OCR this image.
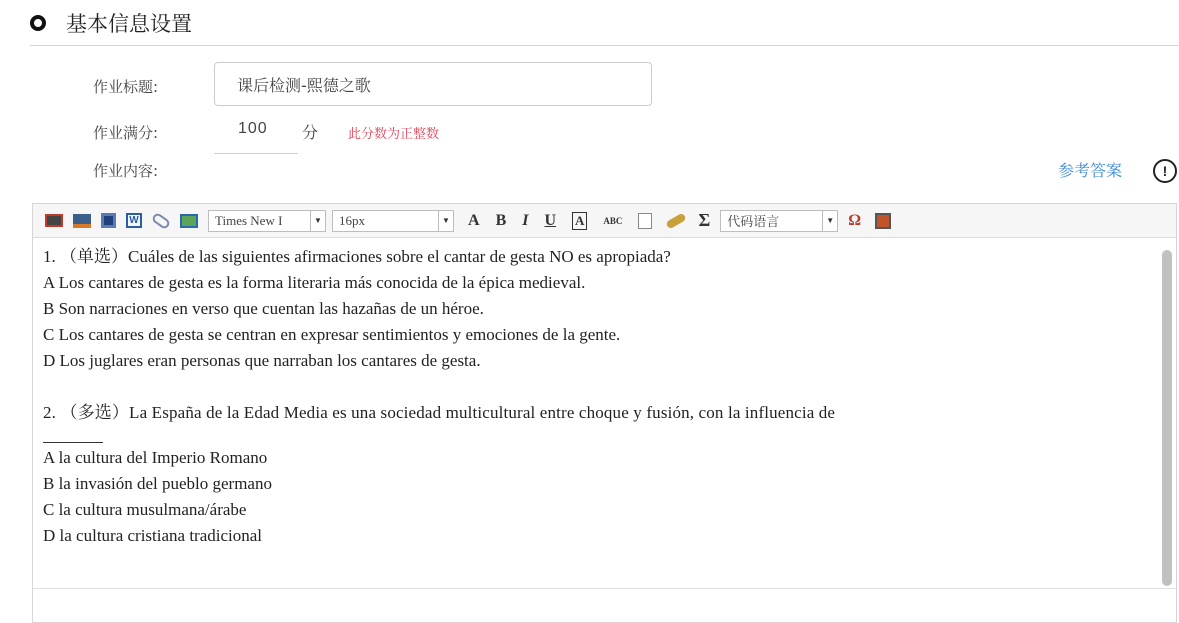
基本信息设置
作业标题:
课后检测-熙德之歌
作业满分:	100 分 此分数为正整数
作业内容:	参考答案	!
W	Times New I	▼	16px	▼ A B I U A	ABC	Σ	代码语言	▼ Ω

1. （单选）Cuáles de las siguientes afirmaciones sobre el cantar de gesta NO es apropiada?

A Los cantares de gesta es la forma literaria más conocida de la épica medieval.

B Son narraciones en verso que cuentan las hazañas de un héroe.

C Los cantares de gesta se centran en expresar sentimientos y emociones de la gente.

D Los juglares eran personas que narraban los cantares de gesta.

2. （多选）La España de la Edad Media es una sociedad multicultural entre choque y fusión, con la influencia de

A la cultura del Imperio Romano

B la invasión del pueblo germano

C la cultura musulmana/árabe

D la cultura cristiana tradicional
